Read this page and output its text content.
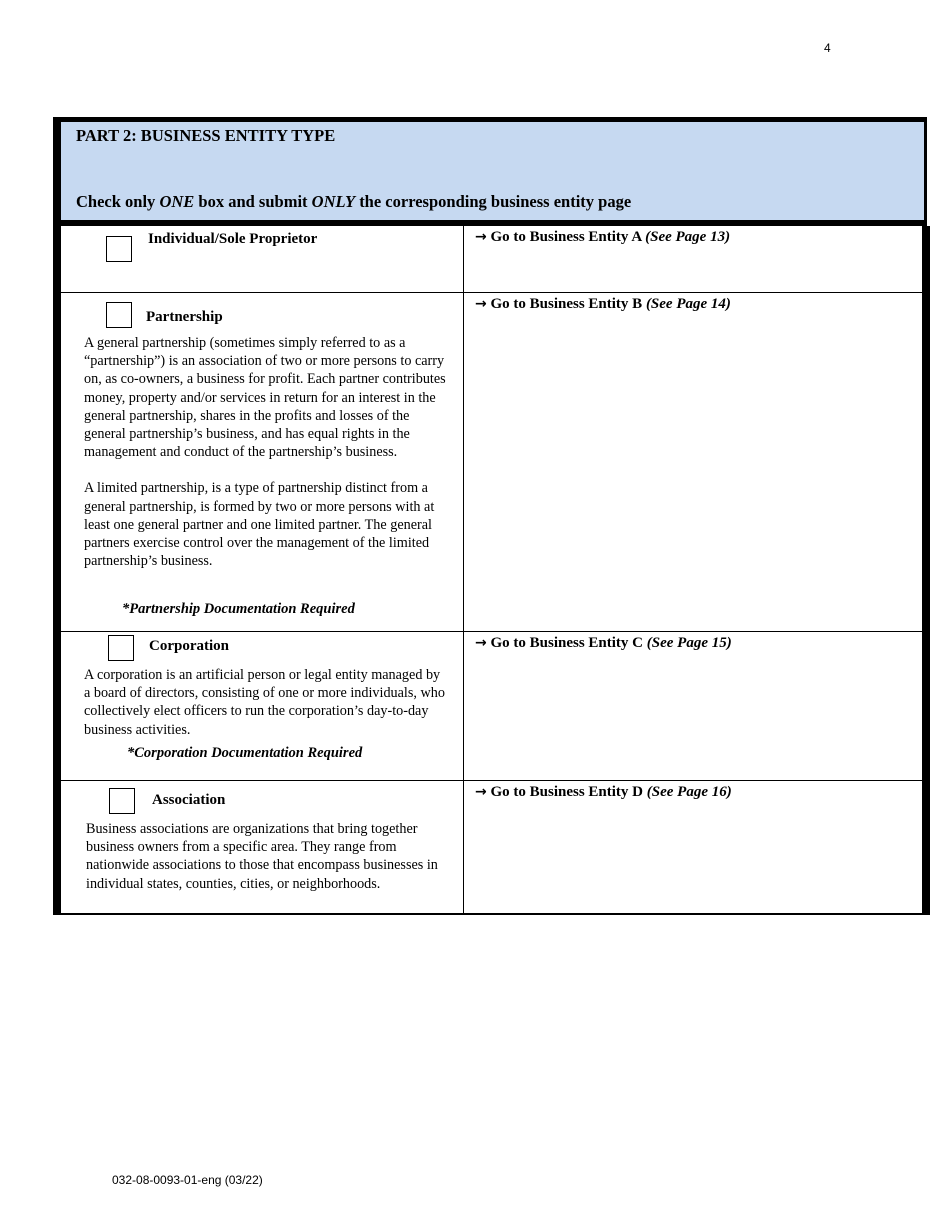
4
PART 2: BUSINESS ENTITY TYPE
Check only ONE box and submit ONLY the corresponding business entity page
Individual/Sole Proprietor	→ Go to Business Entity A (See Page 13)
Partnership

A general partnership (sometimes simply referred to as a “partnership”) is an association of two or more persons to carry on, as co-owners, a business for profit. Each partner contributes money, property and/or services in return for an interest in the general partnership, shares in the profits and losses of the general partnership’s business, and has equal rights in the management and conduct of the partnership’s business.

A limited partnership, is a type of partnership distinct from a general partnership, is formed by two or more persons with at least one general partner and one limited partner. The general partners exercise control over the management of the limited partnership’s business.

*Partnership Documentation Required
→ Go to Business Entity B (See Page 14)
Corporation

A corporation is an artificial person or legal entity managed by a board of directors, consisting of one or more individuals, who collectively elect officers to run the corporation’s day-to-day business activities.

*Corporation Documentation Required
→ Go to Business Entity C (See Page 15)
Association

Business associations are organizations that bring together business owners from a specific area. They range from nationwide associations to those that encompass businesses in individual states, counties, cities, or neighborhoods.

→ Go to Business Entity D (See Page 16)
032-08-0093-01-eng (03/22)
